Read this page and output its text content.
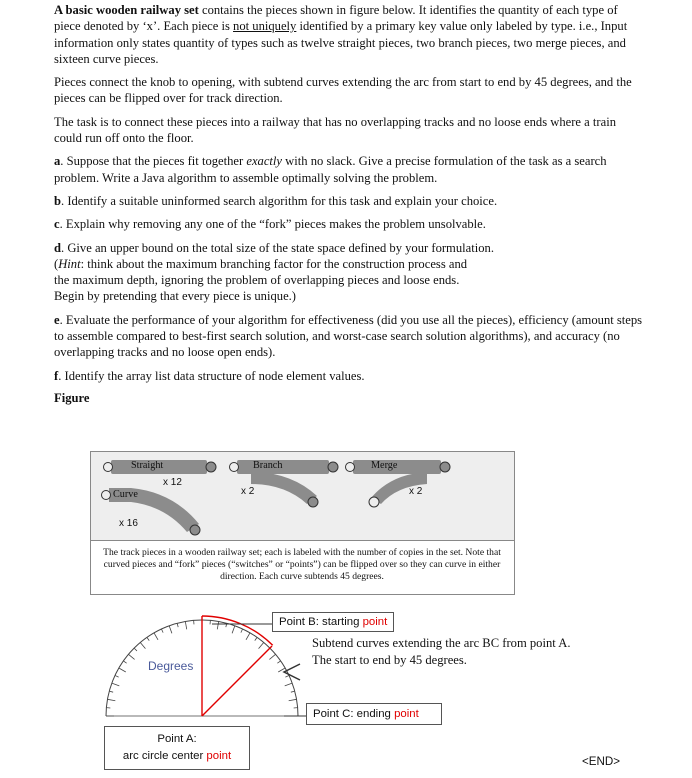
A basic wooden railway set contains the pieces shown in figure below. It identifies the quantity of each type of piece denoted by ‘x’. Each piece is not uniquely identified by a primary key value only labeled by type. i.e., Input information only states quantity of types such as twelve straight pieces, two branch pieces, two merge pieces, and sixteen curve pieces.

Pieces connect the knob to opening, with subtend curves extending the arc from start to end by 45 degrees, and the pieces can be flipped over for track direction.

The task is to connect these pieces into a railway that has no overlapping tracks and no loose ends where a train could run off onto the floor.

a. Suppose that the pieces fit together exactly with no slack. Give a precise formulation of the task as a search problem. Write a Java algorithm to assemble optimally solving the problem.

b. Identify a suitable uninformed search algorithm for this task and explain your choice.

c. Explain why removing any one of the “fork” pieces makes the problem unsolvable.

d. Give an upper bound on the total size of the state space defined by your formulation.
(Hint: think about the maximum branching factor for the construction process and
the maximum depth, ignoring the problem of overlapping pieces and loose ends.
Begin by pretending that every piece is unique.)

e. Evaluate the performance of your algorithm for effectiveness (did you use all the pieces), efficiency (amount steps to assemble compared to best-first search solution, and worst-case search solution algorithms), and accuracy (no overlapping tracks and no loose open ends).

f. Identify the array list data structure of node element values.

Figure

Straight
x 12
Branch
x 2
Merge
x 2
Curve
x 16
The track pieces in a wooden railway set; each is labeled with the number of copies in the set. Note that curved pieces and “fork” pieces (“switches” or “points”) can be flipped over so they can curve in either direction. Each curve subtends 45 degrees.
Degrees
Point B: starting point
Point C: ending point
Point A:
arc circle center point
Subtend curves extending the arc BC from point A.
The start to end by 45 degrees.
<END>
